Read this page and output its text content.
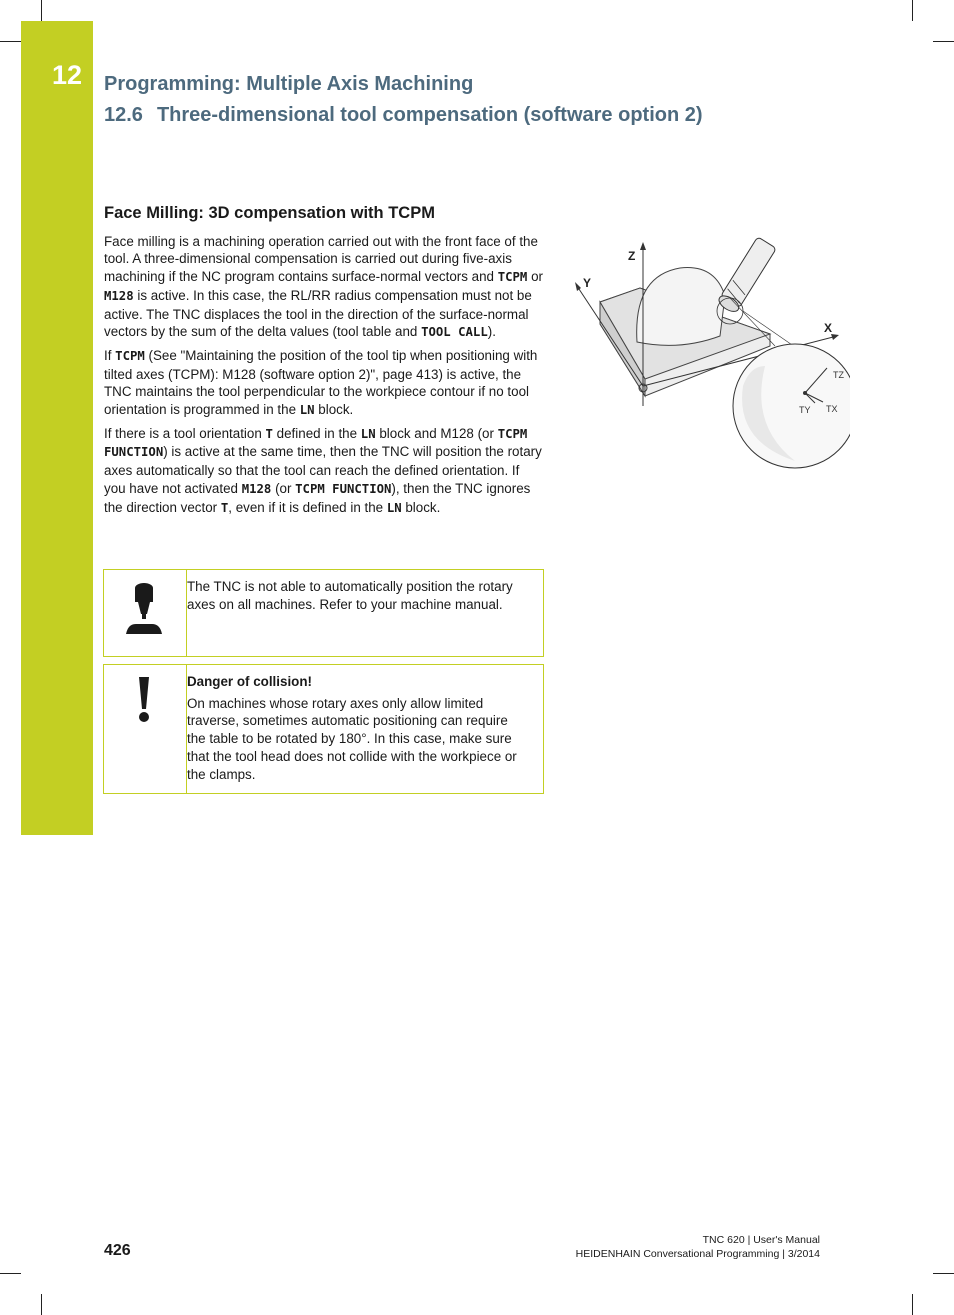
12 Programming: Multiple Axis Machining
12.6 Three-dimensional tool compensation (software option 2)
Face Milling: 3D compensation with TCPM

Face milling is a machining operation carried out with the front face of the tool. A three-dimensional compensation is carried out during five-axis machining if the NC program contains surface-normal vectors and TCPM or M128 is active. In this case, the RL/RR radius compensation must not be active. The TNC displaces the tool in the direction of the surface-normal vectors by the sum of the delta values (tool table and TOOL CALL).

If TCPM (See "Maintaining the position of the tool tip when positioning with tilted axes (TCPM): M128 (software option 2)", page 413) is active, the TNC maintains the tool perpendicular to the workpiece contour if no tool orientation is programmed in the LN block.

If there is a tool orientation T defined in the LN block and M128 (or TCPM FUNCTION) is active at the same time, then the TNC will position the rotary axes automatically so that the tool can reach the defined orientation. If you have not activated M128 (or TCPM FUNCTION), then the TNC ignores the direction vector T, even if it is defined in the LN block.

The TNC is not able to automatically position the rotary axes on all machines. Refer to your machine manual.
Danger of collision!
On machines whose rotary axes only allow limited traverse, sometimes automatic positioning can require the table to be rotated by 180°. In this case, make sure that the tool head does not collide with the workpiece or the clamps.
Z
Y
X
TZ
TY TX
426
TNC 620 | User's Manual
HEIDENHAIN Conversational Programming | 3/2014
